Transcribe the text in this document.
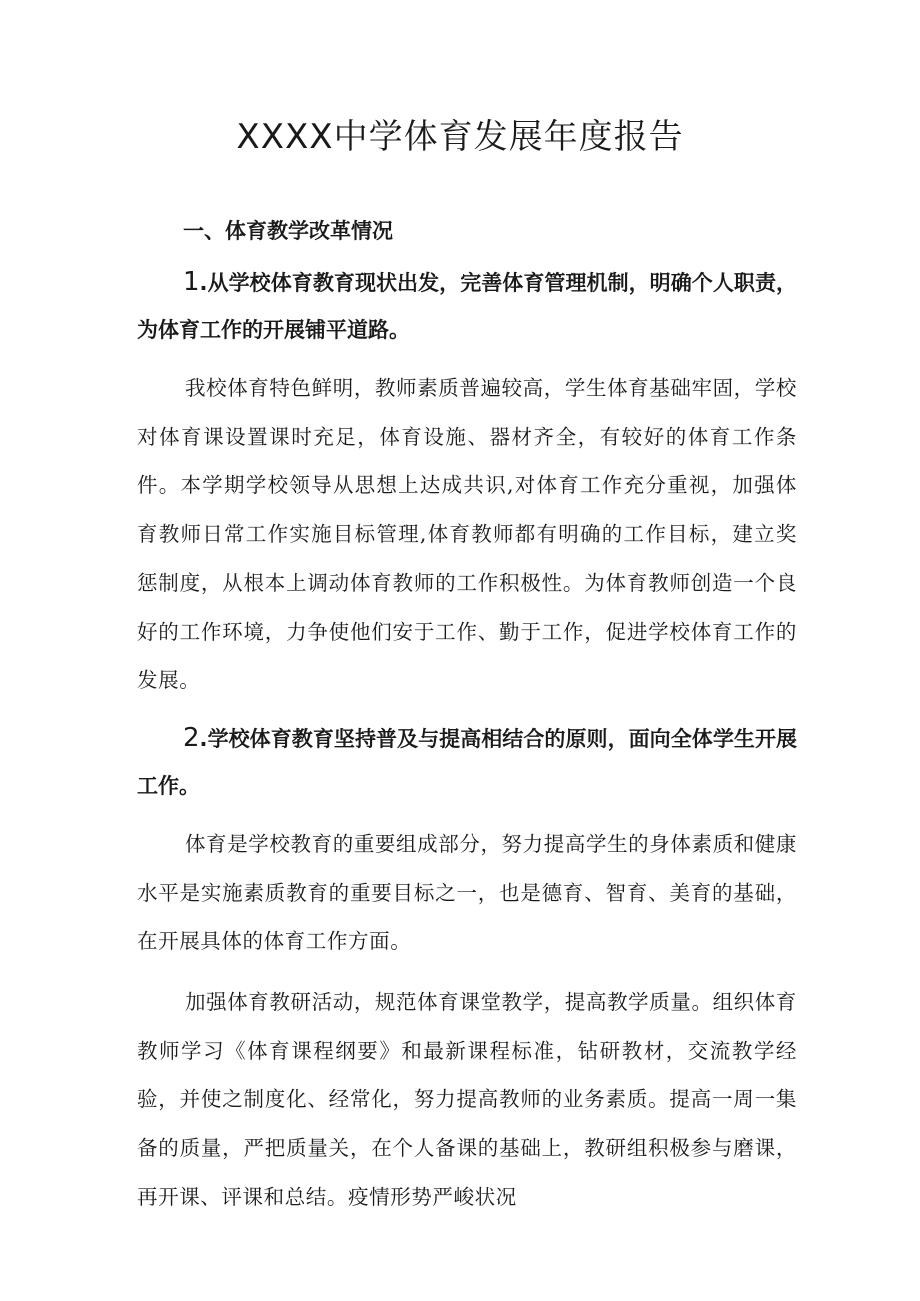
XXXX中学体育发展年度报告

一、体育教学改革情况

1.从学校体育教育现状出发，完善体育管理机制，明确个人职责，为体育工作的开展铺平道路。

我校体育特色鲜明，教师素质普遍较高，学生体育基础牢固，学校对体育课设置课时充足，体育设施、器材齐全，有较好的体育工作条件。本学期学校领导从思想上达成共识,对体育工作充分重视，加强体育教师日常工作实施目标管理,体育教师都有明确的工作目标，建立奖惩制度，从根本上调动体育教师的工作积极性。为体育教师创造一个良好的工作环境，力争使他们安于工作、勤于工作，促进学校体育工作的发展。

2.学校体育教育坚持普及与提高相结合的原则，面向全体学生开展工作。

体育是学校教育的重要组成部分，努力提高学生的身体素质和健康水平是实施素质教育的重要目标之一，也是德育、智育、美育的基础，在开展具体的体育工作方面。

加强体育教研活动，规范体育课堂教学，提高教学质量。组织体育教师学习《体育课程纲要》和最新课程标准，钻研教材，交流教学经验，并使之制度化、经常化，努力提高教师的业务素质。提高一周一集备的质量，严把质量关，在个人备课的基础上，教研组积极参与磨课，再开课、评课和总结。疫情形势严峻状况
